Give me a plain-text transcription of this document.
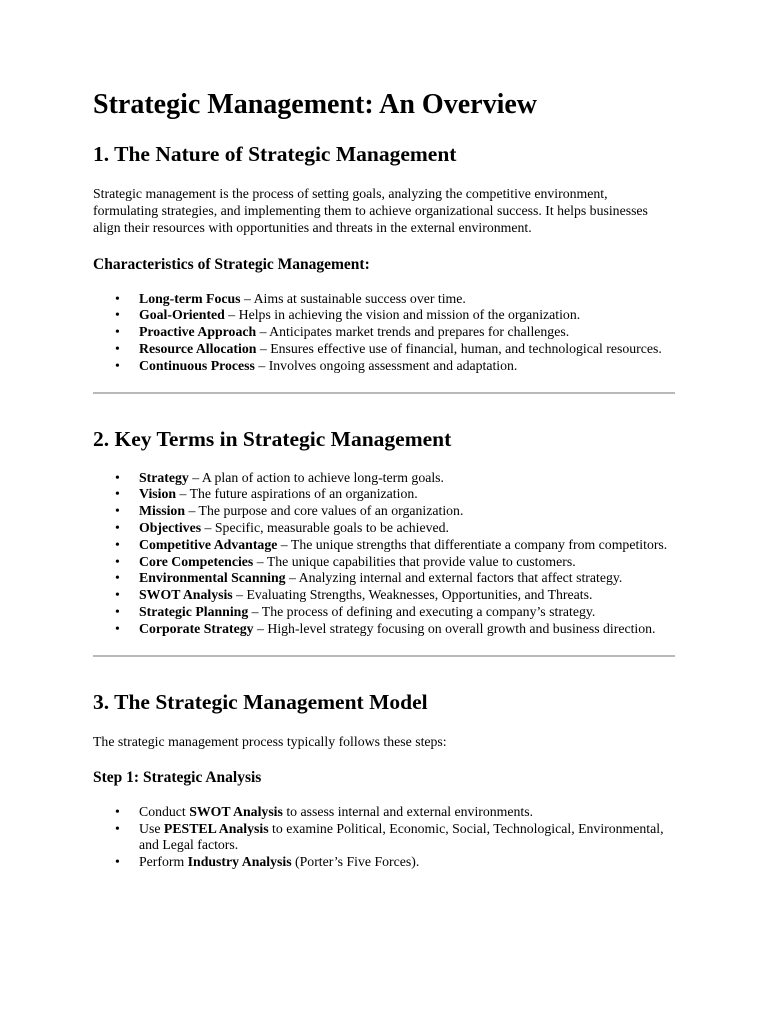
Strategic Management: An Overview
1. The Nature of Strategic Management

Strategic management is the process of setting goals, analyzing the competitive environment, formulating strategies, and implementing them to achieve organizational success. It helps businesses align their resources with opportunities and threats in the external environment.

Characteristics of Strategic Management:
• Long-term Focus – Aims at sustainable success over time.
• Goal-Oriented – Helps in achieving the vision and mission of the organization.
• Proactive Approach – Anticipates market trends and prepares for challenges.
• Resource Allocation – Ensures effective use of financial, human, and technological resources.
• Continuous Process – Involves ongoing assessment and adaptation.
2. Key Terms in Strategic Management
• Strategy – A plan of action to achieve long-term goals.
• Vision – The future aspirations of an organization.
• Mission – The purpose and core values of an organization.
• Objectives – Specific, measurable goals to be achieved.
• Competitive Advantage – The unique strengths that differentiate a company from competitors.
• Core Competencies – The unique capabilities that provide value to customers.
• Environmental Scanning – Analyzing internal and external factors that affect strategy.
• SWOT Analysis – Evaluating Strengths, Weaknesses, Opportunities, and Threats.
• Strategic Planning – The process of defining and executing a company’s strategy.
• Corporate Strategy – High-level strategy focusing on overall growth and business direction.
3. The Strategic Management Model

The strategic management process typically follows these steps:

Step 1: Strategic Analysis
• Conduct SWOT Analysis to assess internal and external environments.
• Use PESTEL Analysis to examine Political, Economic, Social, Technological, Environmental, and Legal factors.
• Perform Industry Analysis (Porter’s Five Forces).
